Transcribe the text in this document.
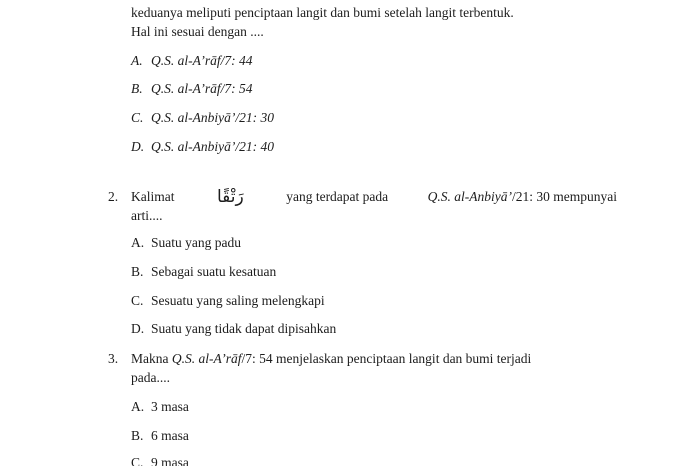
keduanya meliputi penciptaan langit dan bumi setelah langit terbentuk.
Hal ini sesuai dengan ....
A. Q.S. al-A’rāf/7: 44
B. Q.S. al-A’rāf/7: 54
C. Q.S. al-Anbiyā’/21: 30
D. Q.S. al-Anbiyā’/21: 40
2. Kalimat رَتْقًا	yang terdapat pada	Q.S. al-Anbiyā’/21: 30 mempunyai
arti....
A. Suatu yang padu
B. Sebagai suatu kesatuan
C. Sesuatu yang saling melengkapi
D. Suatu yang tidak dapat dipisahkan
3. Makna Q.S. al-A’rāf/7: 54 menjelaskan penciptaan langit dan bumi terjadi
pada....
A. 3 masa
B. 6 masa
C. 9 masa
